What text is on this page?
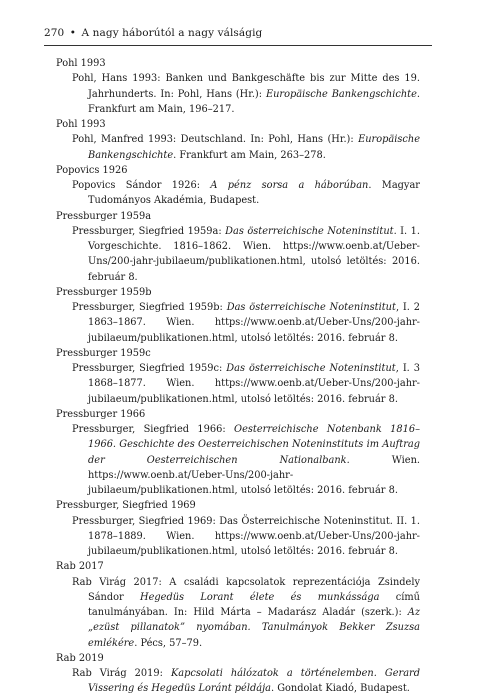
270 • A nagy háborútól a nagy válságig
Pohl 1993
Pohl, Hans 1993: Banken und Bankgeschäfte bis zur Mitte des 19. Jahrhunderts. In: Pohl, Hans (Hr.): Europäische Bankengschichte. Frankfurt am Main, 196–217.
Pohl 1993
Pohl, Manfred 1993: Deutschland. In: Pohl, Hans (Hr.): Europäische Bankengschichte. Frankfurt am Main, 263–278.
Popovics 1926
Popovics Sándor 1926: A pénz sorsa a háborúban. Magyar Tudományos Akadémia, Budapest.
Pressburger 1959a
Pressburger, Siegfried 1959a: Das österreichische Noteninstitut. I. 1. Vorgeschichte. 1816–1862. Wien. https://www.oenb.at/Ueber-Uns/200-jahr-jubilaeum/publikationen.html, utolsó letöltés: 2016. február 8.
Pressburger 1959b
Pressburger, Siegfried 1959b: Das österreichische Noteninstitut, I. 2 1863–1867. Wien. https://www.oenb.at/Ueber-Uns/200-jahr-jubilaeum/publikationen.html, utolsó letöltés: 2016. február 8.
Pressburger 1959c
Pressburger, Siegfried 1959c: Das österreichische Noteninstitut, I. 3 1868–1877. Wien. https://www.oenb.at/Ueber-Uns/200-jahr-jubilaeum/publikationen.html, utolsó letöltés: 2016. február 8.
Pressburger 1966
Pressburger, Siegfried 1966: Oesterreichische Notenbank 1816–1966. Geschichte des Oesterreichischen Noteninstituts im Auftrag der Oesterreichischen Nationalbank. Wien. https://www.oenb.at/Ueber-Uns/200-jahr-jubilaeum/publikationen.html, utolsó letöltés: 2016. február 8.
Pressburger, Siegfried 1969
Pressburger, Siegfried 1969: Das Österreichische Noteninstitut. II. 1. 1878–1889. Wien. https://www.oenb.at/Ueber-Uns/200-jahr-jubilaeum/publikationen.html, utolsó letöltés: 2016. február 8.
Rab 2017
Rab Virág 2017: A családi kapcsolatok reprezentációja Zsindely Sándor Hegedüs Lorant élete és munkássága című tanulmányában. In: Hild Márta – Madarász Aladár (szerk.): Az „ezüst pillanatok” nyomában. Tanulmányok Bekker Zsuzsa emlékére. Pécs, 57–79.
Rab 2019
Rab Virág 2019: Kapcsolati hálózatok a történelemben. Gerard Vissering és Hegedüs Loránt példája. Gondolat Kiadó, Budapest.
